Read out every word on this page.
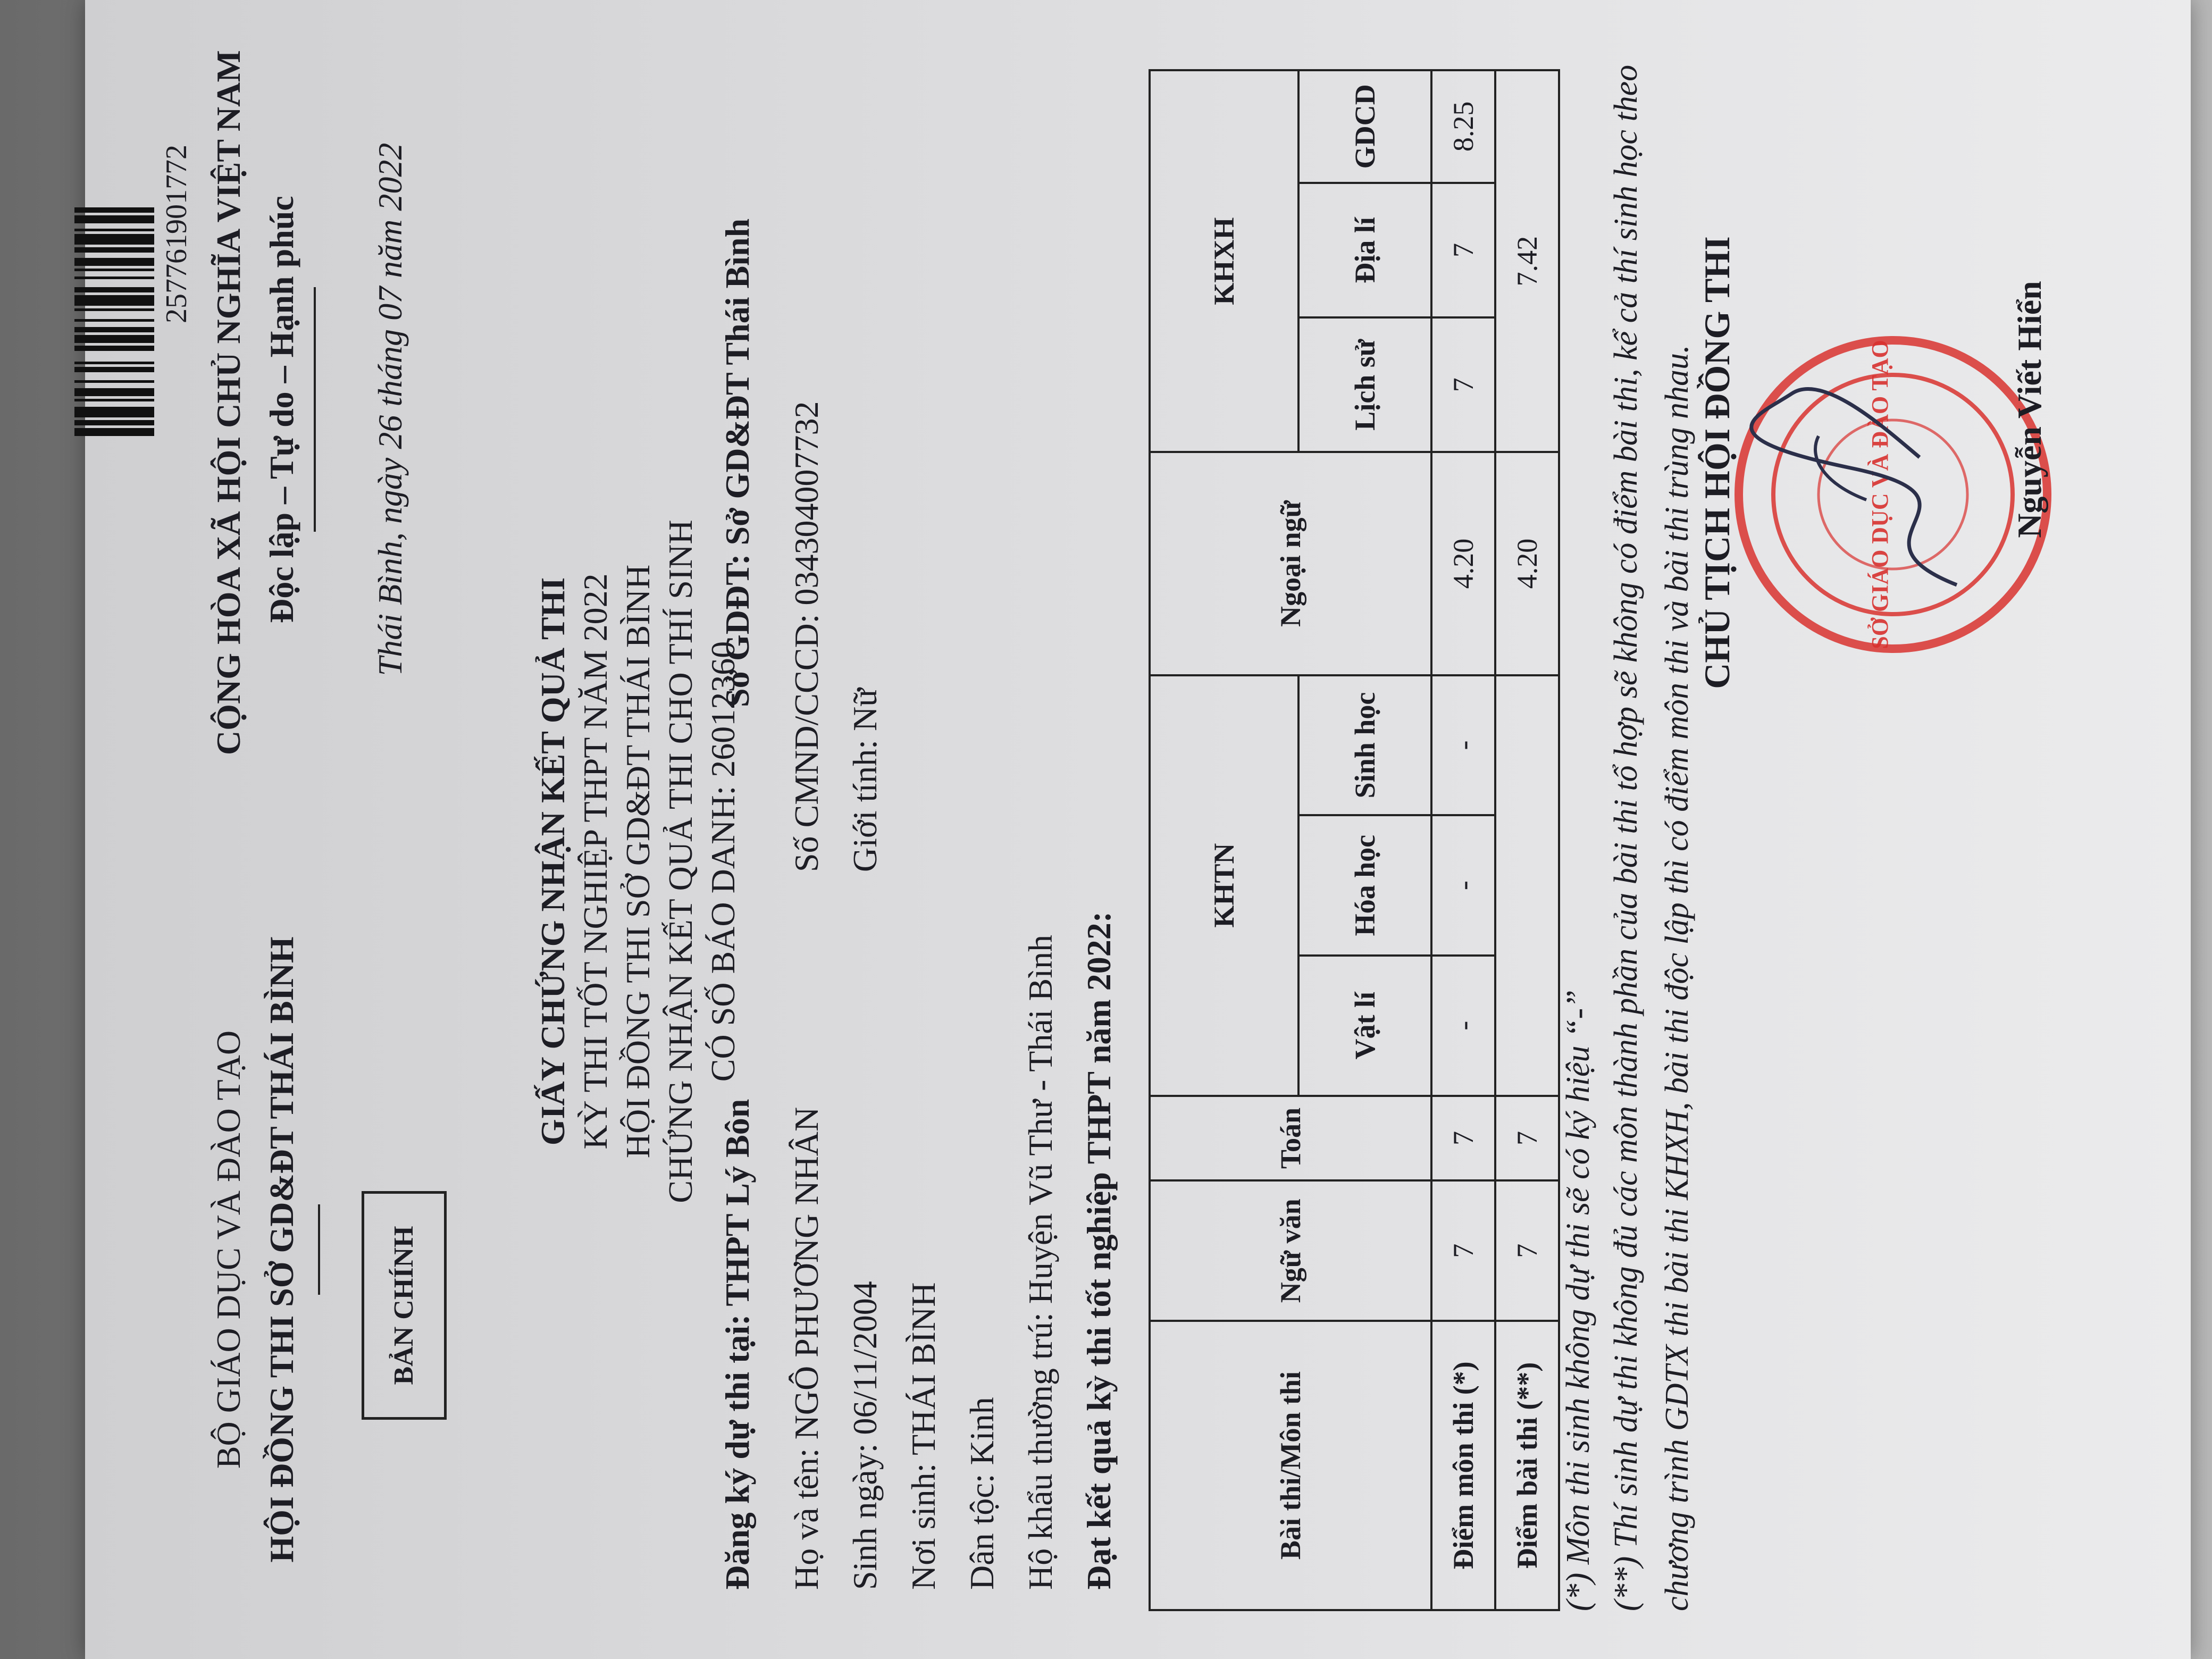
257761901772
BỘ GIÁO DỤC VÀ ĐÀO TẠO HỘI ĐỒNG THI SỞ GD&ĐT THÁI BÌNH	BẢN CHÍNH
CỘNG HÒA XÃ HỘI CHỦ NGHĨA VIỆT NAM Độc lập – Tự do – Hạnh phúc Thái Bình, ngày 26 tháng 07 năm 2022
GIẤY CHỨNG NHẬN KẾT QUẢ THI KỲ THI TỐT NGHIỆP THPT NĂM 2022 HỘI ĐỒNG THI SỞ GD&ĐT THÁI BÌNH CHỨNG NHẬN KẾT QUẢ THI CHO THÍ SINH CÓ SỐ BÁO DANH: 26012360
Đăng ký dự thi tại: THPT Lý Bôn
Sở GDĐT: Sở GD&ĐT Thái Bình
Họ và tên: NGÔ PHƯƠNG NHÂN
Số CMND/CCCD: 034304007732
Sinh ngày: 06/11/2004
Giới tính: Nữ
Nơi sinh: THÁI BÌNH Dân tộc: Kinh Hộ khẩu thường trú: Huyện Vũ Thư - Thái Bình Đạt kết quả kỳ thi tốt nghiệp THPT năm 2022:	Bài thi/Môn thi	Ngữ văn	Toán	KHTN			Ngoại ngữ	KHXH		
			Vật lí	Hóa học	Sinh học		Lịch sử	Địa lí	GDCD
Điểm môn thi (*)	7	7	-	-	-	4.20	7	7	8.25
Điểm bài thi (**)	7	7				4.20	7.42		
(*) Môn thi sinh không dự thi sẽ có ký hiệu “-” (**) Thí sinh dự thi không đủ các môn thành phần của bài thi tổ hợp sẽ không có điểm bài thi, kể cả thí sinh học theo chương trình GDTX thi bài thi KHXH, bài thi độc lập thì có điểm môn thi và bài thi trùng nhau. CHỦ TỊCH HỘI ĐỒNG THI	SỞ GIÁO DỤC VÀ ĐÀO TẠO	Nguyễn Viết Hiển
